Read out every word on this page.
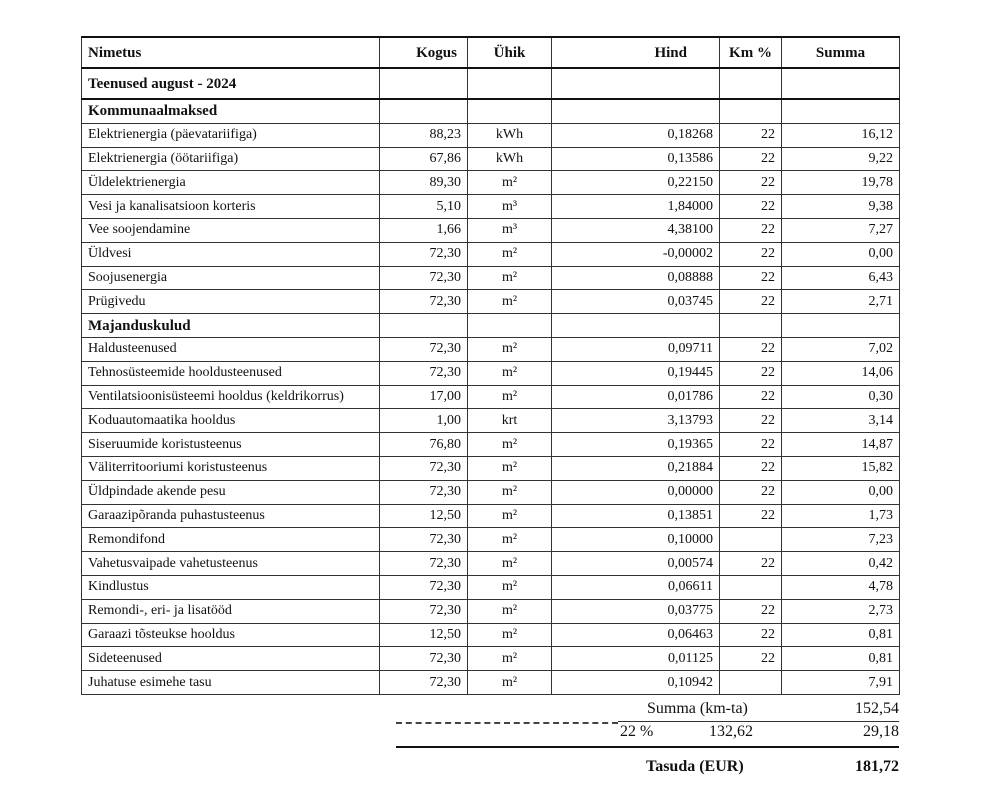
Nimetus	Kogus	Ühik	Hind	Km %	Summa
Teenused august - 2024					
Kommunaalmaksed					
Elektrienergia (päevatariifiga)	88,23	kWh	0,18268	22	16,12
Elektrienergia (öötariifiga)	67,86	kWh	0,13586	22	9,22
Üldelektrienergia	89,30	m²	0,22150	22	19,78
Vesi ja kanalisatsioon korteris	5,10	m³	1,84000	22	9,38
Vee soojendamine	1,66	m³	4,38100	22	7,27
Üldvesi	72,30	m²	-0,00002	22	0,00
Soojusenergia	72,30	m²	0,08888	22	6,43
Prügivedu	72,30	m²	0,03745	22	2,71
Majanduskulud					
Haldusteenused	72,30	m²	0,09711	22	7,02
Tehnosüsteemide hooldusteenused	72,30	m²	0,19445	22	14,06
Ventilatsioonisüsteemi hooldus (keldrikorrus)	17,00	m²	0,01786	22	0,30
Koduautomaatika hooldus	1,00	krt	3,13793	22	3,14
Siseruumide koristusteenus	76,80	m²	0,19365	22	14,87
Väliterritooriumi koristusteenus	72,30	m²	0,21884	22	15,82
Üldpindade akende pesu	72,30	m²	0,00000	22	0,00
Garaazipõranda puhastusteenus	12,50	m²	0,13851	22	1,73
Remondifond	72,30	m²	0,10000		7,23
Vahetusvaipade vahetusteenus	72,30	m²	0,00574	22	0,42
Kindlustus	72,30	m²	0,06611		4,78
Remondi-, eri- ja lisatööd	72,30	m²	0,03775	22	2,73
Garaazi tõsteukse hooldus	12,50	m²	0,06463	22	0,81
Sideteenused	72,30	m²	0,01125	22	0,81
Juhatuse esimehe tasu	72,30	m²	0,10942		7,91
Summa (km-ta)	152,54
22 %	132,62	29,18
Tasuda (EUR)	181,72
